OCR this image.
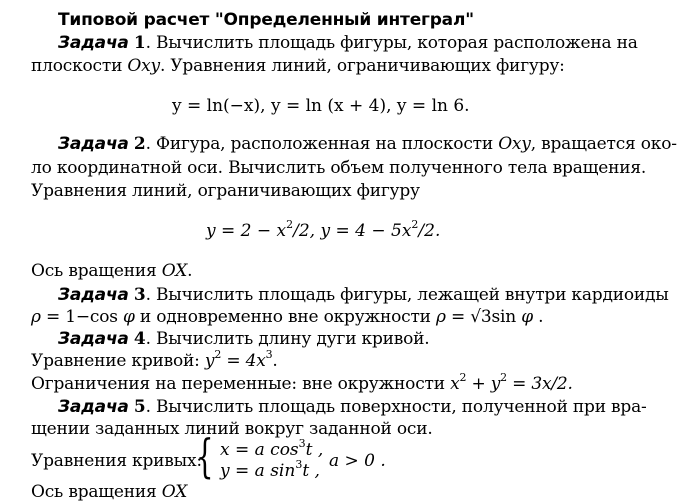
Типовой расчет "Определенный интеграл"
Задача 1. Вычислить площадь фигуры, которая расположена на
плоскости Oxy. Уравнения линий, ограничивающих фигуру:
y = ln(−x), y = ln (x + 4), y = ln 6.
Задача 2. Фигура, расположенная на плоскости Oxy, вращается око-
ло координатной оси. Вычислить объем полученного тела вращения.
Уравнения линий, ограничивающих фигуру
$y = 2 - x^2/2$, $y = 4 - 5x^2/2$.
Ось вращения OX.
Задача 3. Вычислить площадь фигуры, лежащей внутри кардиоиды
ρ = 1−cos φ и одновременно вне окружности ρ = √3sin φ .
Задача 4. Вычислить длину дуги кривой.
Уравнение кривой: $y^2 = 4x^3$.
Ограничения на переменные: вне окружности $x^2 + y^2 = 3x/2$.
Задача 5. Вычислить площадь поверхности, полученной при вра-
щении заданных линий вокруг заданной оси.
Уравнения кривых:
{ x = a $\cos^3t$ ,
y = a $\sin^3t$ , a > 0 .
Ось вращения OX
